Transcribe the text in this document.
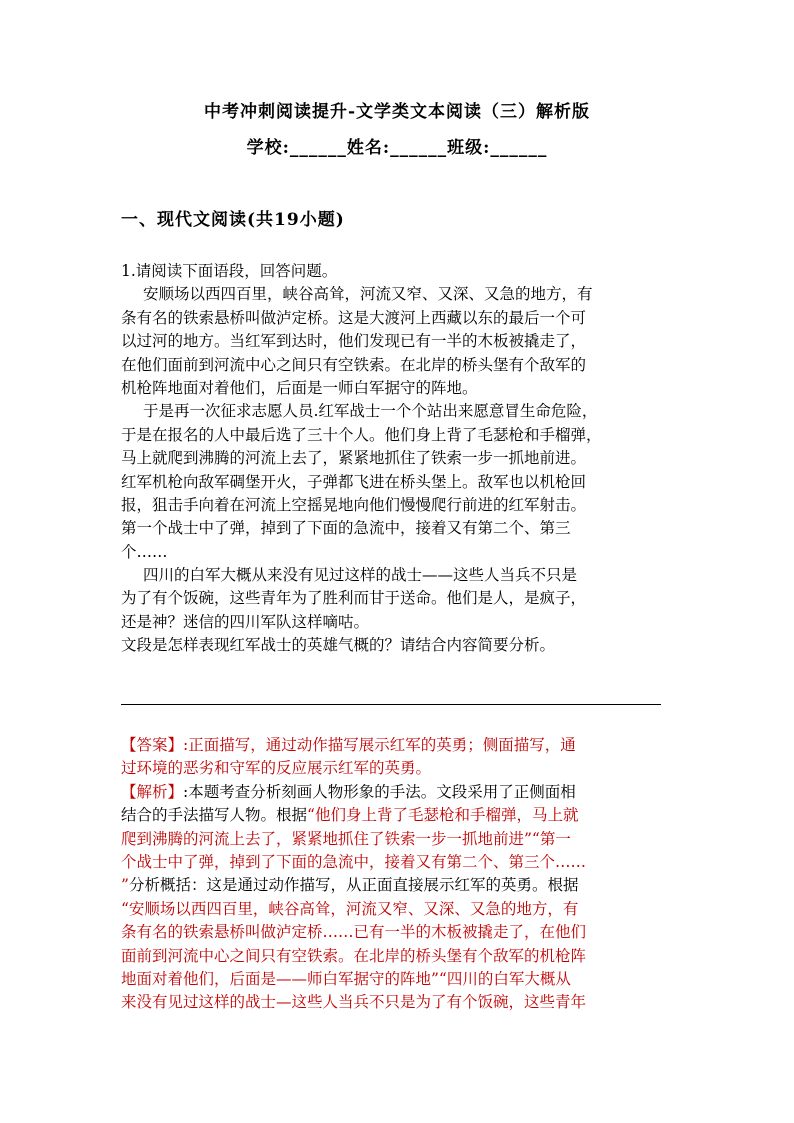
中考冲刺阅读提升-文学类文本阅读（三）解析版
学校:______姓名:______班级:______
一、现代文阅读(共19小题)
1.请阅读下面语段，回答问题。
安顺场以西四百里，峡谷高耸，河流又窄、又深、又急的地方，有
条有名的铁索悬桥叫做泸定桥。这是大渡河上西藏以东的最后一个可
以过河的地方。当红军到达时，他们发现已有一半的木板被撬走了，
在他们面前到河流中心之间只有空铁索。在北岸的桥头堡有个敌军的
机枪阵地面对着他们，后面是一师白军据守的阵地。
于是再一次征求志愿人员.红军战士一个个站出来愿意冒生命危险，
于是在报名的人中最后选了三十个人。他们身上背了毛瑟枪和手榴弹，
马上就爬到沸腾的河流上去了，紧紧地抓住了铁索一步一抓地前进。
红军机枪向敌军碉堡开火，子弹都飞进在桥头堡上。敌军也以机枪回
报，狙击手向着在河流上空摇晃地向他们慢慢爬行前进的红军射击。
第一个战士中了弹，掉到了下面的急流中，接着又有第二个、第三
个……
四川的白军大概从来没有见过这样的战士——这些人当兵不只是
为了有个饭碗，这些青年为了胜利而甘于送命。他们是人，是疯子，
还是神？迷信的四川军队这样嘀咕。
文段是怎样表现红军战士的英雄气概的？请结合内容简要分析。
【答案】:正面描写，通过动作描写展示红军的英勇；侧面描写，通
过环境的恶劣和守军的反应展示红军的英勇。
【解析】:本题考查分析刻画人物形象的手法。文段采用了正侧面相
结合的手法描写人物。根据“他们身上背了毛瑟枪和手榴弹，马上就
爬到沸腾的河流上去了，紧紧地抓住了铁索一步一抓地前进”“第一
个战士中了弹，掉到了下面的急流中，接着又有第二个、第三个……
”分析概括：这是通过动作描写，从正面直接展示红军的英勇。根据
“安顺场以西四百里，峡谷高耸，河流又窄、又深、又急的地方，有
条有名的铁索悬桥叫做泸定桥……已有一半的木板被撬走了，在他们
面前到河流中心之间只有空铁索。在北岸的桥头堡有个敌军的机枪阵
地面对着他们，后面是——师白军据守的阵地”“四川的白军大概从
来没有见过这样的战士—这些人当兵不只是为了有个饭碗，这些青年
